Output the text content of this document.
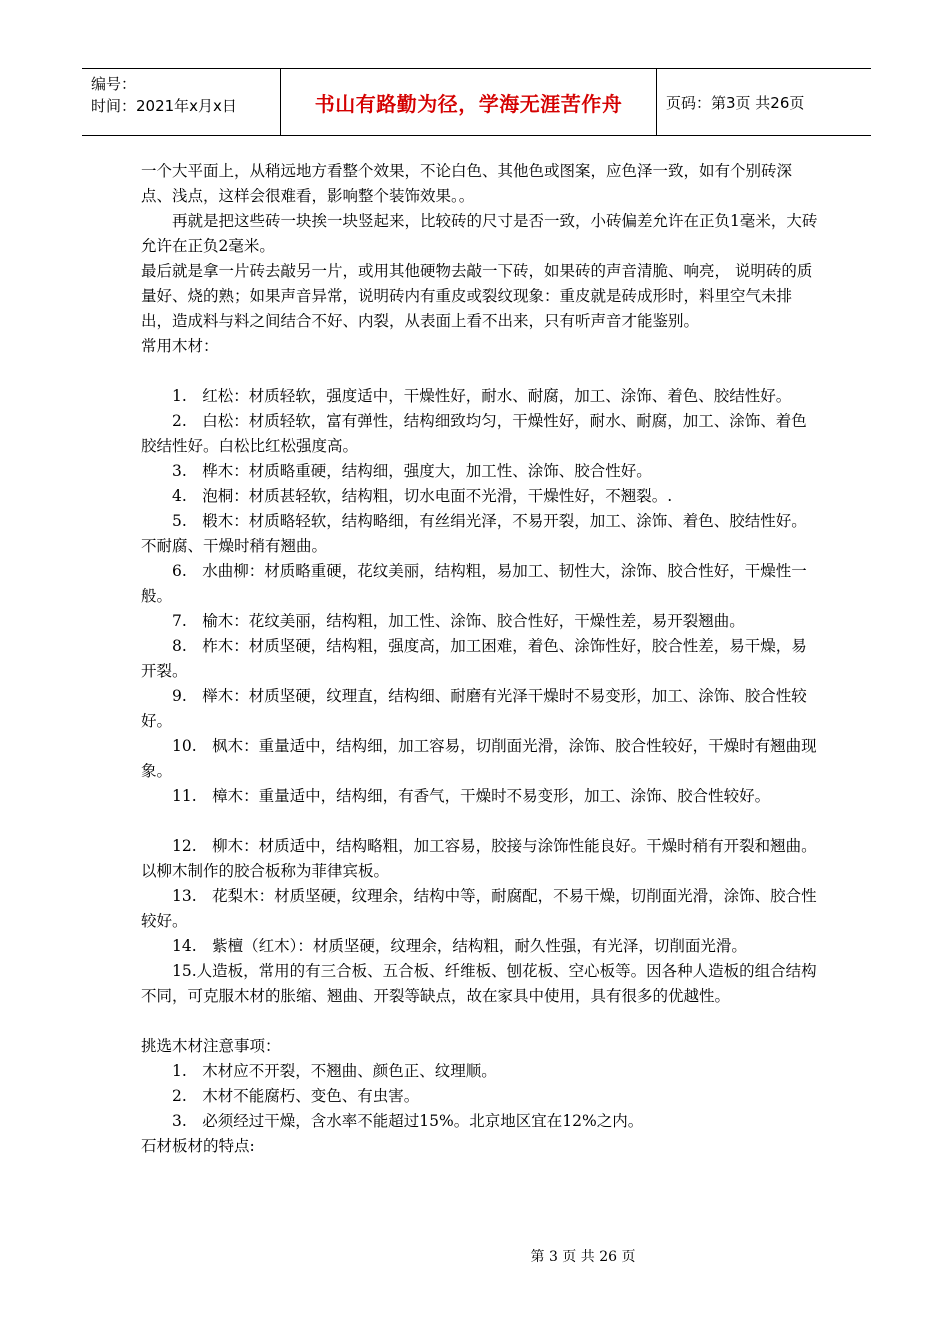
编号：
时间：2021年x月x日	书山有路勤为径，学海无涯苦作舟	页码：第3页 共26页

一个大平面上，从稍远地方看整个效果，不论白色、其他色或图案，应色泽一致，如有个别砖深点、浅点，这样会很难看，影响整个装饰效果。。

再就是把这些砖一块挨一块竖起来，比较砖的尺寸是否一致，小砖偏差允许在正负1毫米，大砖允许在正负2毫米。

最后就是拿一片砖去敲另一片，或用其他硬物去敲一下砖，如果砖的声音清脆、响亮， 说明砖的质量好、烧的熟；如果声音异常，说明砖内有重皮或裂纹现象：重皮就是砖成形时，料里空气未排出，造成料与料之间结合不好、内裂，从表面上看不出来，只有听声音才能鉴别。

常用木材：

1.　红松：材质轻软，强度适中，干燥性好，耐水、耐腐，加工、涂饰、着色、胶结性好。

2.　白松：材质轻软，富有弹性，结构细致均匀，干燥性好，耐水、耐腐，加工、涂饰、着色胶结性好。白松比红松强度高。

3.　桦木：材质略重硬，结构细，强度大，加工性、涂饰、胶合性好。

4.　泡桐：材质甚轻软，结构粗，切水电面不光滑，干燥性好，不翘裂。.

5.　椴木：材质略轻软，结构略细，有丝绢光泽，不易开裂，加工、涂饰、着色、胶结性好。不耐腐、干燥时稍有翘曲。

6.　水曲柳：材质略重硬，花纹美丽，结构粗，易加工、韧性大，涂饰、胶合性好，干燥性一般。

7.　榆木：花纹美丽，结构粗，加工性、涂饰、胶合性好，干燥性差，易开裂翘曲。

8.　柞木：材质坚硬，结构粗，强度高，加工困难，着色、涂饰性好，胶合性差，易干燥，易开裂。

9.　榉木：材质坚硬，纹理直，结构细、耐磨有光泽干燥时不易变形，加工、涂饰、胶合性较好。

10.　枫木：重量适中，结构细，加工容易，切削面光滑，涂饰、胶合性较好，干燥时有翘曲现象。

11.　樟木：重量适中，结构细，有香气，干燥时不易变形，加工、涂饰、胶合性较好。

12.　柳木：材质适中，结构略粗，加工容易，胶接与涂饰性能良好。干燥时稍有开裂和翘曲。以柳木制作的胶合板称为菲律宾板。

13.　花梨木：材质坚硬，纹理余，结构中等，耐腐配，不易干燥，切削面光滑，涂饰、胶合性较好。

14.　紫檀（红木）：材质坚硬，纹理余，结构粗，耐久性强，有光泽，切削面光滑。

15.人造板，常用的有三合板、五合板、纤维板、刨花板、空心板等。因各种人造板的组合结构不同，可克服木材的胀缩、翘曲、开裂等缺点，故在家具中使用，具有很多的优越性。

挑选木材注意事项：

1.　木材应不开裂，不翘曲、颜色正、纹理顺。

2.　木材不能腐朽、变色、有虫害。

3.　必须经过干燥，含水率不能超过15%。北京地区宜在12%之内。

石材板材的特点:

第 3 页 共 26 页
